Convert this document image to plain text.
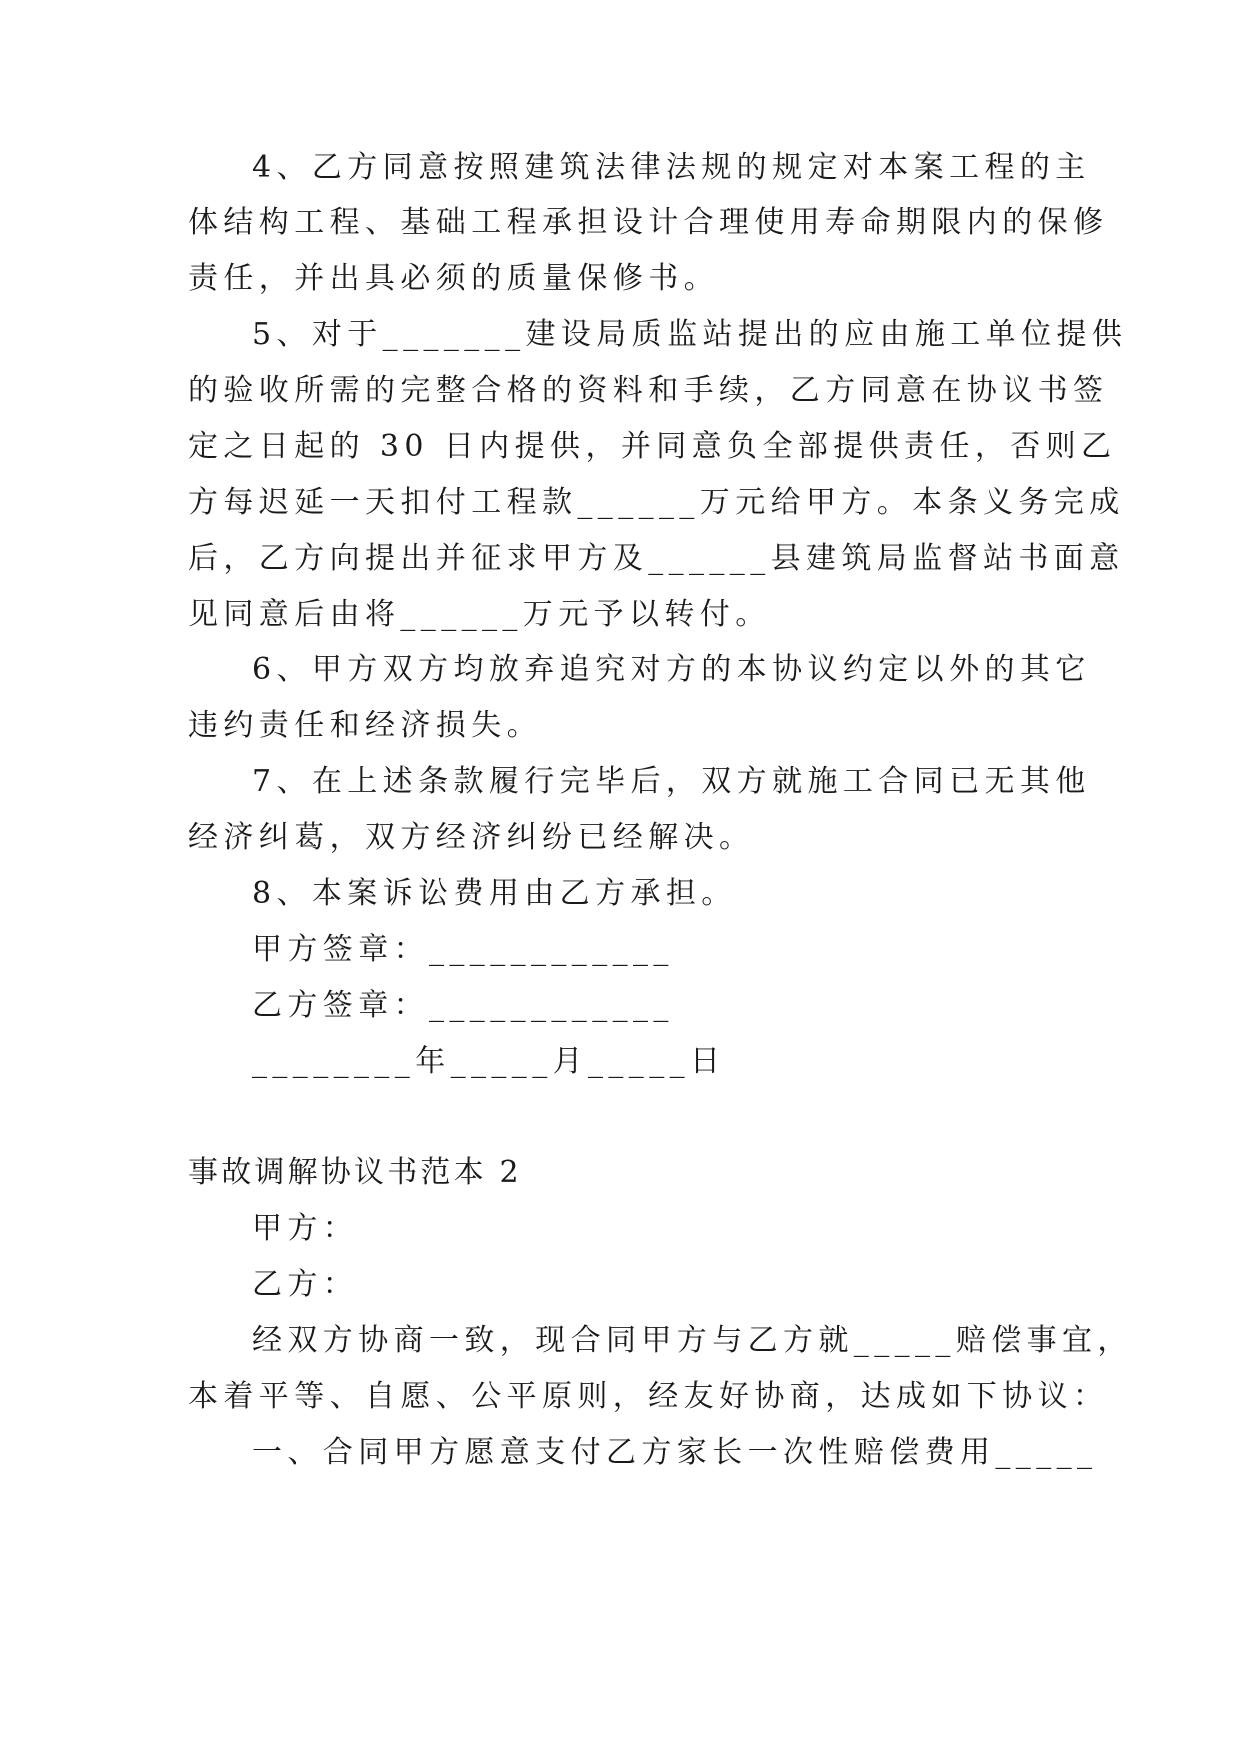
4、乙方同意按照建筑法律法规的规定对本案工程的主
体结构工程、基础工程承担设计合理使用寿命期限内的保修
责任，并出具必须的质量保修书。
5、对于_______建设局质监站提出的应由施工单位提供
的验收所需的完整合格的资料和手续，乙方同意在协议书签
定之日起的 30 日内提供，并同意负全部提供责任，否则乙
方每迟延一天扣付工程款______万元给甲方。本条义务完成
后，乙方向提出并征求甲方及______县建筑局监督站书面意
见同意后由将______万元予以转付。
6、甲方双方均放弃追究对方的本协议约定以外的其它
违约责任和经济损失。
7、在上述条款履行完毕后，双方就施工合同已无其他
经济纠葛，双方经济纠纷已经解决。
8、本案诉讼费用由乙方承担。
甲方签章：____________
乙方签章：____________
________年_____月_____日
事故调解协议书范本 2
甲方：
乙方：
经双方协商一致，现合同甲方与乙方就_____赔偿事宜，
本着平等、自愿、公平原则，经友好协商，达成如下协议：
一、合同甲方愿意支付乙方家长一次性赔偿费用_____
